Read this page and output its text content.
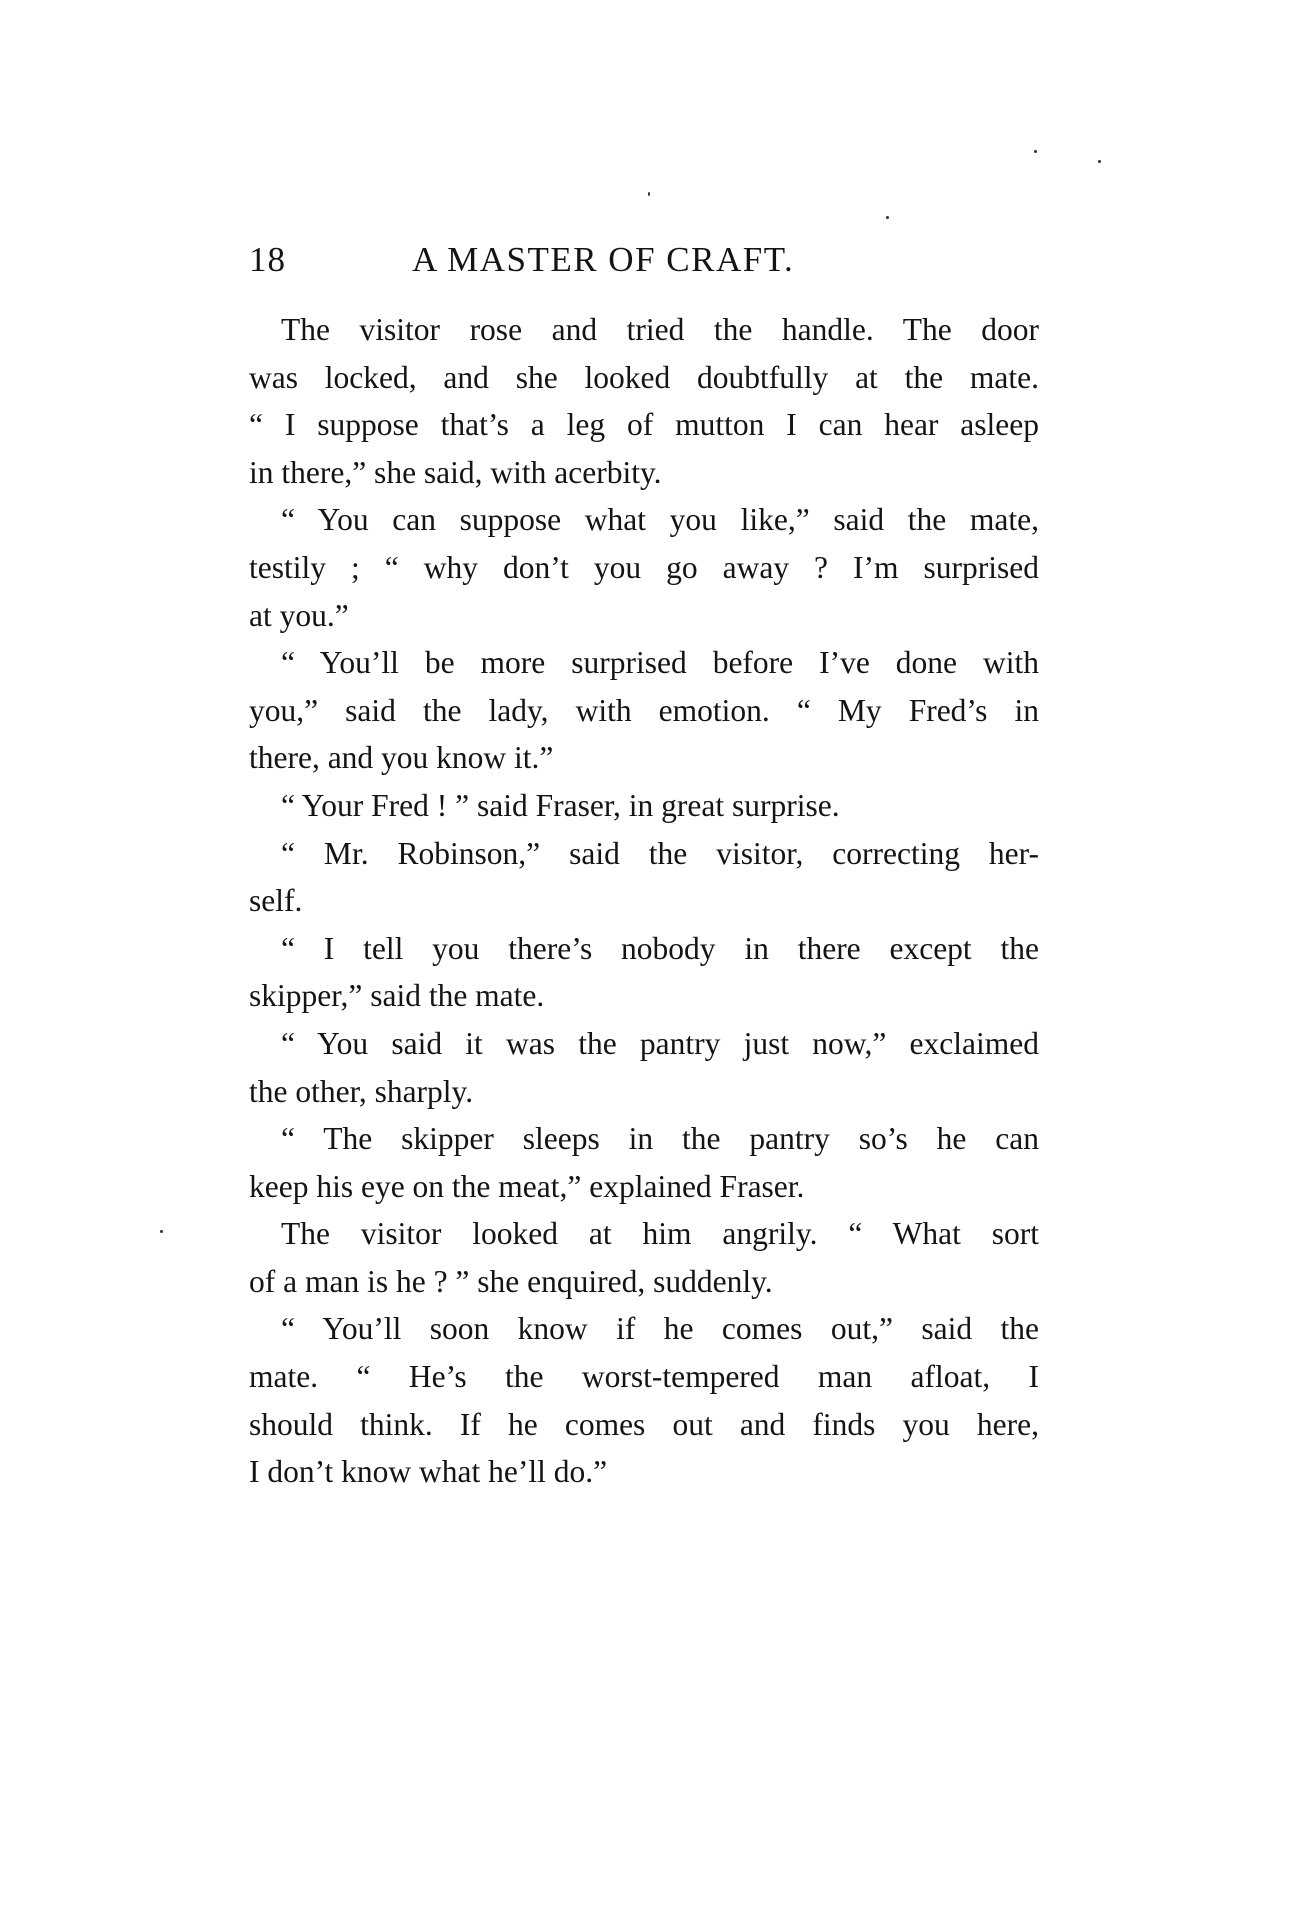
18	A MASTER OF CRAFT.

The visitor rose and tried the handle. The door
was locked, and she looked doubtfully at the mate.
“ I suppose that’s a leg of mutton I can hear asleep
in there,” she said, with acerbity.

“ You can suppose what you like,” said the mate,
testily ; “ why don’t you go away ? I’m surprised
at you.”

“ You’ll be more surprised before I’ve done with
you,” said the lady, with emotion. “ My Fred’s in
there, and you know it.”

“ Your Fred ! ” said Fraser, in great surprise.

“ Mr. Robinson,” said the visitor, correcting her-
self.

“ I tell you there’s nobody in there except the
skipper,” said the mate.

“ You said it was the pantry just now,” exclaimed
the other, sharply.

“ The skipper sleeps in the pantry so’s he can
keep his eye on the meat,” explained Fraser.

The visitor looked at him angrily. “ What sort
of a man is he ? ” she enquired, suddenly.

“ You’ll soon know if he comes out,” said the
mate. “ He’s the worst-tempered man afloat, I
should think. If he comes out and finds you here,
I don’t know what he’ll do.”
